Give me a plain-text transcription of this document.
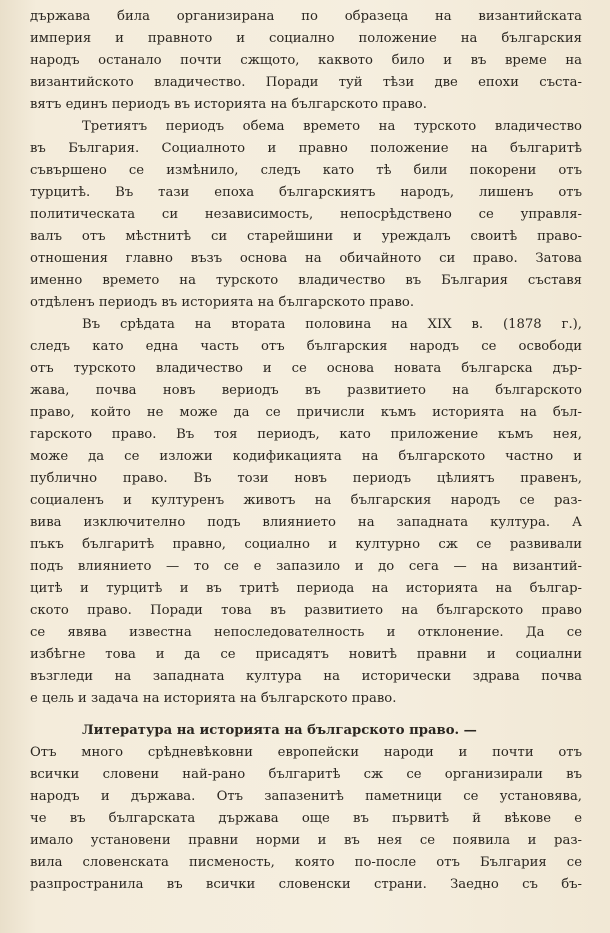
държава била организирана по образеца на византийската
империя и правното и социално положение на българския
народъ останало почти сжщото, каквото било и въ време на
византийското владичество. Поради туй тѣзи две епохи съста-
вятъ единъ периодъ въ историята на българското право.
Третиятъ периодъ обема времето на турското владичество
въ България. Социалното и правно положение на българитѣ
съвършено се измѣнило, следъ като тѣ били покорени отъ
турцитѣ. Въ тази епоха българскиятъ народъ, лишенъ отъ
политическата си независимость, непосрѣдствено се управля-
валъ отъ мѣстнитѣ си старейшини и уреждалъ своитѣ право-
отношения главно възъ основа на обичайното си право. Затова
именно времето на турското владичество въ България съставя
отдѣленъ периодъ въ историята на българското право.
Въ срѣдата на втората половина на XIX в. (1878 г.),
следъ като една часть отъ българския народъ се освободи
отъ турското владичество и се основа новата българска дър-
жава, почва новъ вериодъ въ развитието на българското
право, който не може да се причисли къмъ историята на бъл-
гарското право. Въ тоя периодъ, като приложение къмъ нея,
може да се изложи кодификацията на българското частно и
публично право. Въ този новъ периодъ цѣлиятъ правенъ,
социаленъ и културенъ животъ на българския народъ се раз-
вива изключително подъ влиянието на западната култура. А
пъкъ българитѣ правно, социално и културно сж се развивали
подъ влиянието — то се е запазило и до сега — на византий-
цитѣ и турцитѣ и въ тритѣ периода на историята на българ-
ското право. Поради това въ развитието на българското право
се явява известна непоследователность и отклонение. Да се
избѣгне това и да се присадятъ новитѣ правни и социални
възгледи на западната култура на исторически здрава почва
е цель и задача на историята на българското право.
Литература на историята на българското право. —
Отъ много срѣдневѣковни европейски народи и почти отъ
всички словени най-рано българитѣ сж се организирали въ
народъ и държава. Отъ запазенитѣ паметници се установява,
че въ българската държава още въ първитѣ й вѣкове е
имало установени правни норми и въ нея се появила и раз-
вила словенската писменость, която по-после отъ България се
разпространила въ всички словенски страни. Заедно съ бъ-
